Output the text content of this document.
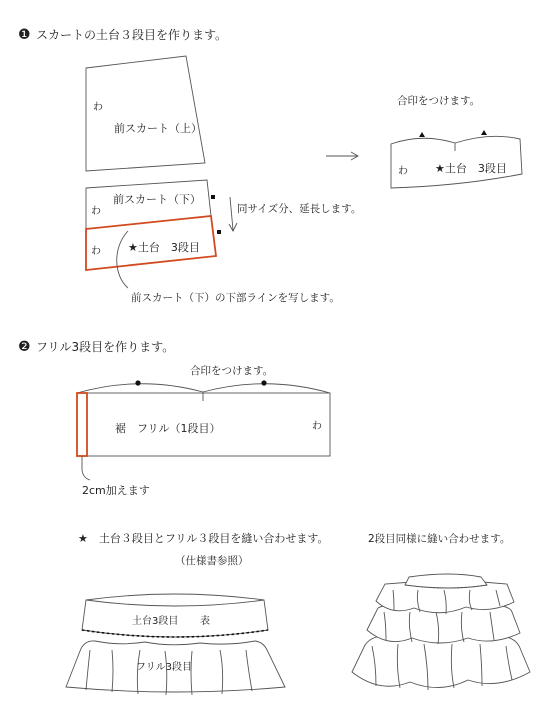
❶ スカートの土台３段目を作ります。
わ
前スカート（上）
わ
前スカート（下）
同サイズ分、延長します。
わ ★土台　3段目
前スカート（下）の下部ラインを写します。
合印をつけます。
わ ★土台　3段目
❷ フリル3段目を作ります。
合印をつけます。
裾　フリル（1段目）	わ
2cm加えます
★　土台３段目とフリル３段目を縫い合わせます。
（仕様書参照）
2段目同様に縫い合わせます。
土台3段目 表
フリル3段目
